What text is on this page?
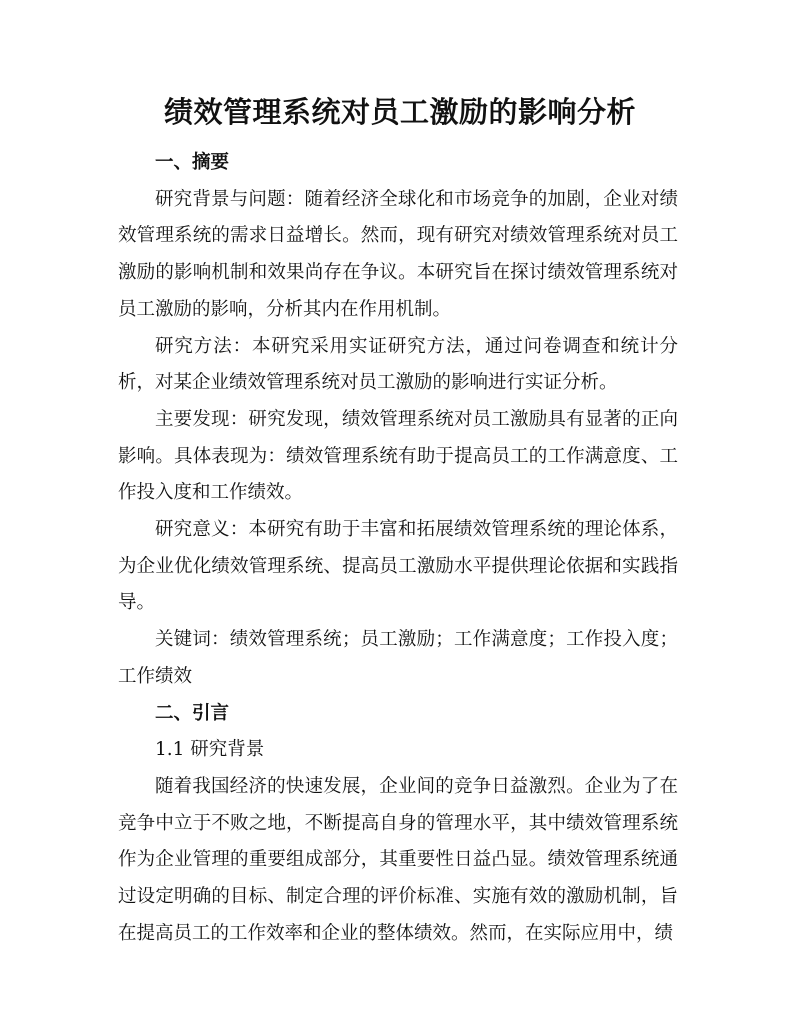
绩效管理系统对员工激励的影响分析

一、摘要

研究背景与问题：随着经济全球化和市场竞争的加剧，企业对绩效管理系统的需求日益增长。然而，现有研究对绩效管理系统对员工激励的影响机制和效果尚存在争议。本研究旨在探讨绩效管理系统对员工激励的影响，分析其内在作用机制。

研究方法：本研究采用实证研究方法，通过问卷调查和统计分析，对某企业绩效管理系统对员工激励的影响进行实证分析。

主要发现：研究发现，绩效管理系统对员工激励具有显著的正向影响。具体表现为：绩效管理系统有助于提高员工的工作满意度、工作投入度和工作绩效。

研究意义：本研究有助于丰富和拓展绩效管理系统的理论体系，为企业优化绩效管理系统、提高员工激励水平提供理论依据和实践指导。

关键词：绩效管理系统；员工激励；工作满意度；工作投入度；工作绩效

二、引言

1.1 研究背景

随着我国经济的快速发展，企业间的竞争日益激烈。企业为了在竞争中立于不败之地，不断提高自身的管理水平，其中绩效管理系统作为企业管理的重要组成部分，其重要性日益凸显。绩效管理系统通过设定明确的目标、制定合理的评价标准、实施有效的激励机制，旨在提高员工的工作效率和企业的整体绩效。然而，在实际应用中，绩
